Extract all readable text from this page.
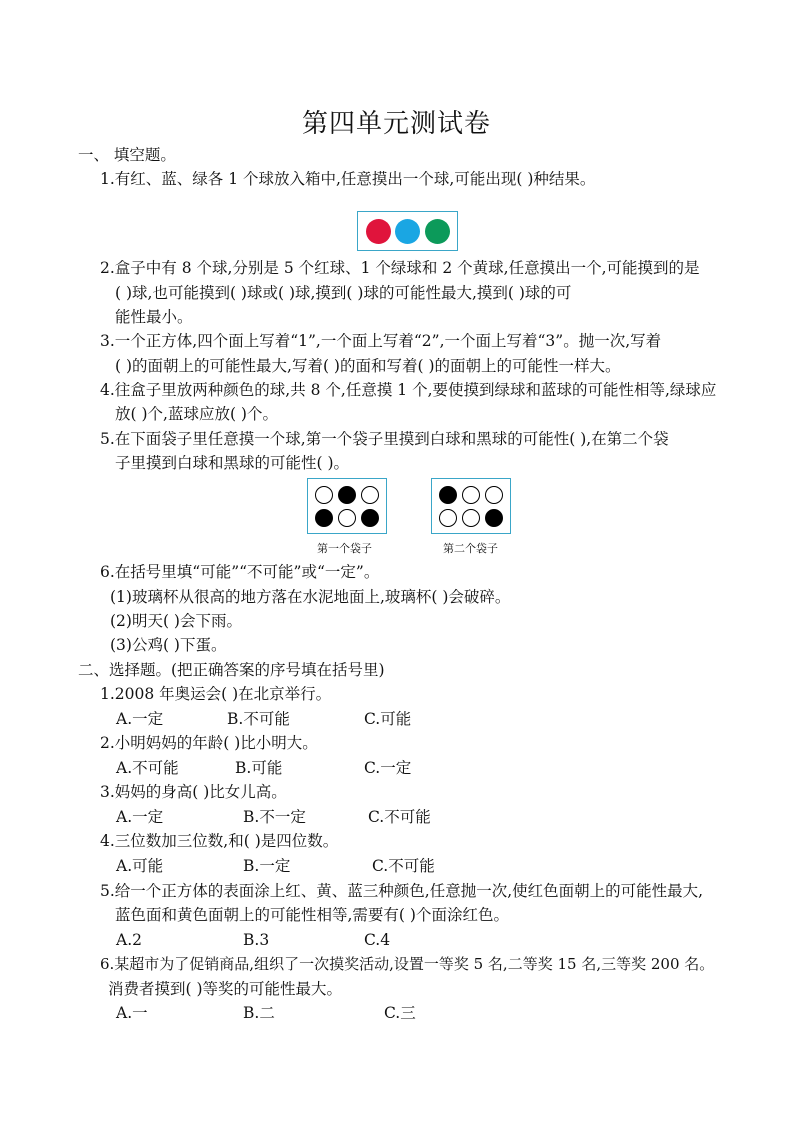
第四单元测试卷
一、 填空题。
1.有红、蓝、绿各 1 个球放入箱中,任意摸出一个球,可能出现( )种结果。
2.盒子中有 8 个球,分别是 5 个红球、1 个绿球和 2 个黄球,任意摸出一个,可能摸到的是
( )球,也可能摸到( )球或( )球,摸到( )球的可能性最大,摸到( )球的可
能性最小。
3.一个正方体,四个面上写着“1”,一个面上写着“2”,一个面上写着“3”。抛一次,写着
( )的面朝上的可能性最大,写着( )的面和写着( )的面朝上的可能性一样大。
4.往盒子里放两种颜色的球,共 8 个,任意摸 1 个,要使摸到绿球和蓝球的可能性相等,绿球应
放( )个,蓝球应放( )个。
5.在下面袋子里任意摸一个球,第一个袋子里摸到白球和黑球的可能性( ),在第二个袋
子里摸到白球和黑球的可能性( )。
第一个袋子	第二个袋子
6.在括号里填“可能”“不可能”或“一定”。
(1)玻璃杯从很高的地方落在水泥地面上,玻璃杯( )会破碎。
(2)明天( )会下雨。
(3)公鸡( )下蛋。
二、选择题。(把正确答案的序号填在括号里)
1.2008 年奥运会( )在北京举行。
A.一定	B.不可能	C.可能
2.小明妈妈的年龄( )比小明大。
A.不可能	B.可能	C.一定
3.妈妈的身高( )比女儿高。
A.一定	B.不一定	C.不可能
4.三位数加三位数,和( )是四位数。
A.可能	B.一定	C.不可能
5.给一个正方体的表面涂上红、黄、蓝三种颜色,任意抛一次,使红色面朝上的可能性最大,
蓝色面和黄色面朝上的可能性相等,需要有( )个面涂红色。
A.2	B.3	C.4
6.某超市为了促销商品,组织了一次摸奖活动,设置一等奖 5 名,二等奖 15 名,三等奖 200 名。
消费者摸到( )等奖的可能性最大。
A.一	B.二	C.三
